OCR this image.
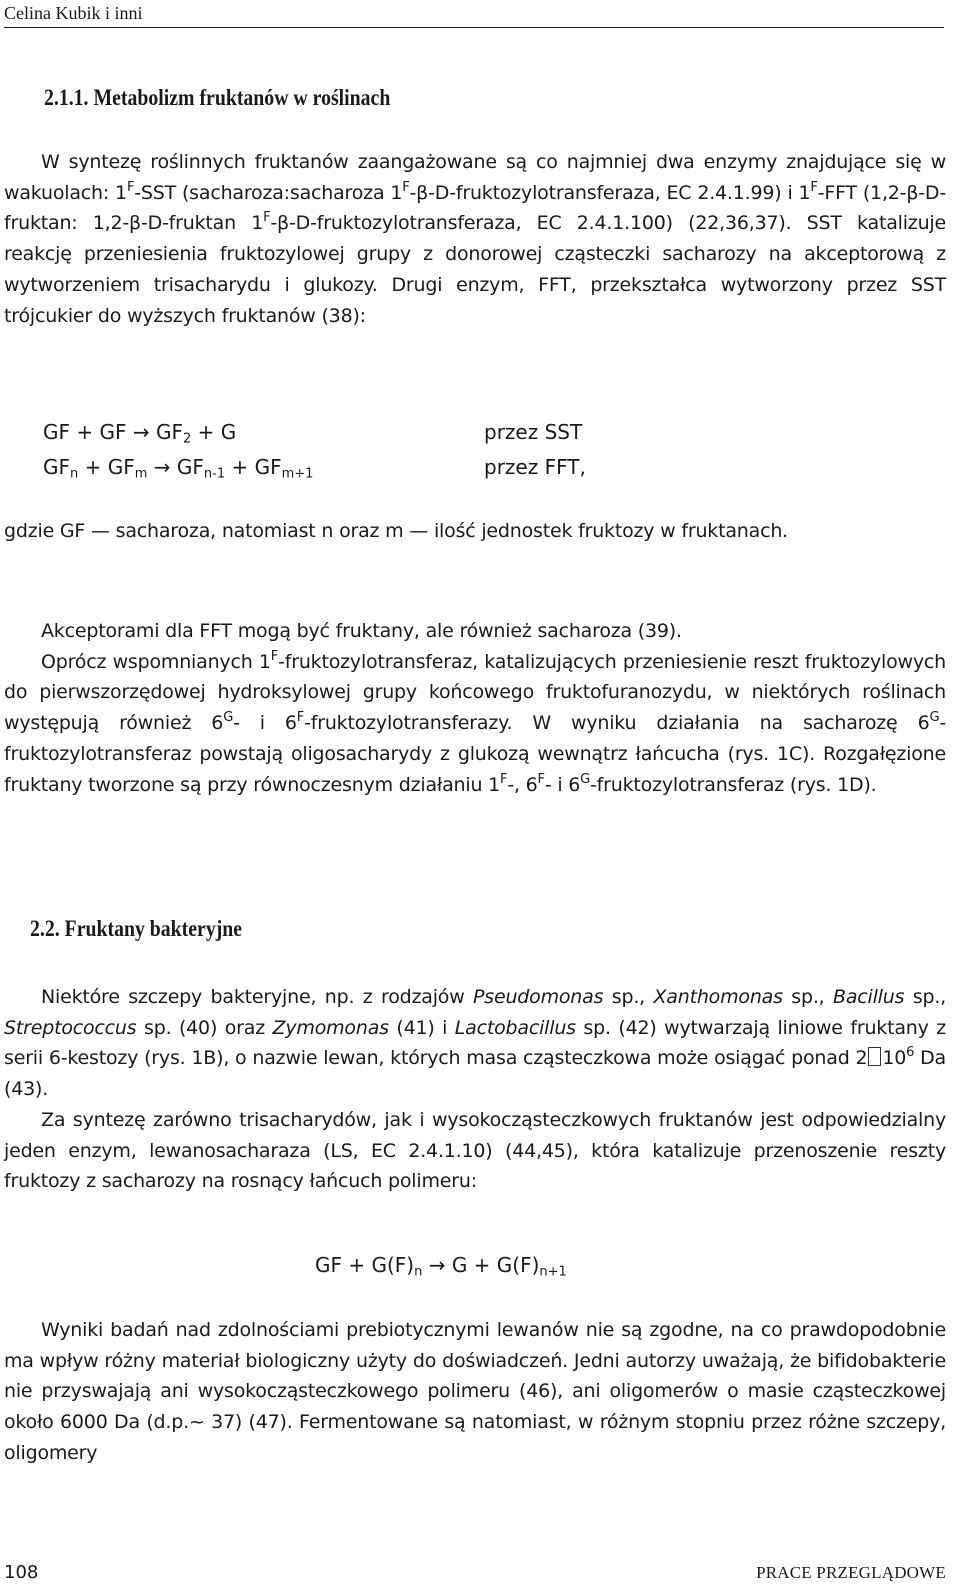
Celina Kubik i inni
2.1.1. Metabolizm fruktanów w roślinach

W syntezę roślinnych fruktanów zaangażowane są co najmniej dwa enzymy znajdujące się w wakuolach: $1^F$-SST (sacharoza:sacharoza $1^F-\beta-D$-fruktozylotransferaza, EC 2.4.1.99) i $1^F$-FFT (1,2-β-D-fruktan: 1,2-β-D-fruktan $1^F-\beta-D$-fruktozylotransferaza, EC 2.4.1.100) (22,36,37). SST katalizuje reakcję przeniesienia fruktozylowej grupy z donorowej cząsteczki sacharozy na akceptorową z wytworzeniem trisacharydu i glukozy. Drugi enzym, FFT, przekształca wytworzony przez SST trójcukier do wyższych fruktanów (38):

GF + GF → $GF_2 + G$	przez SST
$GF_n + GF_m \to GF_{n-1} + GF_{m+1}$	przez FFT,

gdzie GF — sacharoza, natomiast n oraz m — ilość jednostek fruktozy w fruktanach.

Akceptorami dla FFT mogą być fruktany, ale również sacharoza (39).

Oprócz wspomnianych $1^F$-fruktozylotransferaz, katalizujących przeniesienie reszt fruktozylowych do pierwszorzędowej hydroksylowej grupy końcowego fruktofuranozydu, w niektórych roślinach występują również $6^G-$ i $6^F$-fruktozylotransferazy. W wyniku działania na sacharozę $6^G$-fruktozylotransferaz powstają oligosacharydy z glukozą wewnątrz łańcucha (rys. 1C). Rozgałęzione fruktany tworzone są przy równoczesnym działaniu $1^F-$, $6^F-$ i $6^G$-fruktozylotransferaz (rys. 1D).

2.2. Fruktany bakteryjne

Niektóre szczepy bakteryjne, np. z rodzajów Pseudomonas sp., Xanthomonas sp., Bacillus sp., Streptococcus sp. (40) oraz Zymomonas (41) i Lactobacillus sp. (42) wytwarzają liniowe fruktany z serii 6-kestozy (rys. 1B), o nazwie lewan, których masa cząsteczkowa może osiągać ponad 2 $10^6$ Da (43).

Za syntezę zarówno trisacharydów, jak i wysokocząsteczkowych fruktanów jest odpowiedzialny jeden enzym, lewanosacharaza (LS, EC 2.4.1.10) (44,45), która katalizuje przenoszenie reszty fruktozy z sacharozy na rosnący łańcuch polimeru:

GF + $G(F)_n \to G + G(F)_{n+1}$

Wyniki badań nad zdolnościami prebiotycznymi lewanów nie są zgodne, na co prawdopodobnie ma wpływ różny materiał biologiczny użyty do doświadczeń. Jedni autorzy uważają, że bifidobakterie nie przyswajają ani wysokocząsteczkowego polimeru (46), ani oligomerów o masie cząsteczkowej około 6000 Da (d.p.~ 37) (47). Fermentowane są natomiast, w różnym stopniu przez różne szczepy, oligomery

108	PRACE PRZEGLĄDOWE
